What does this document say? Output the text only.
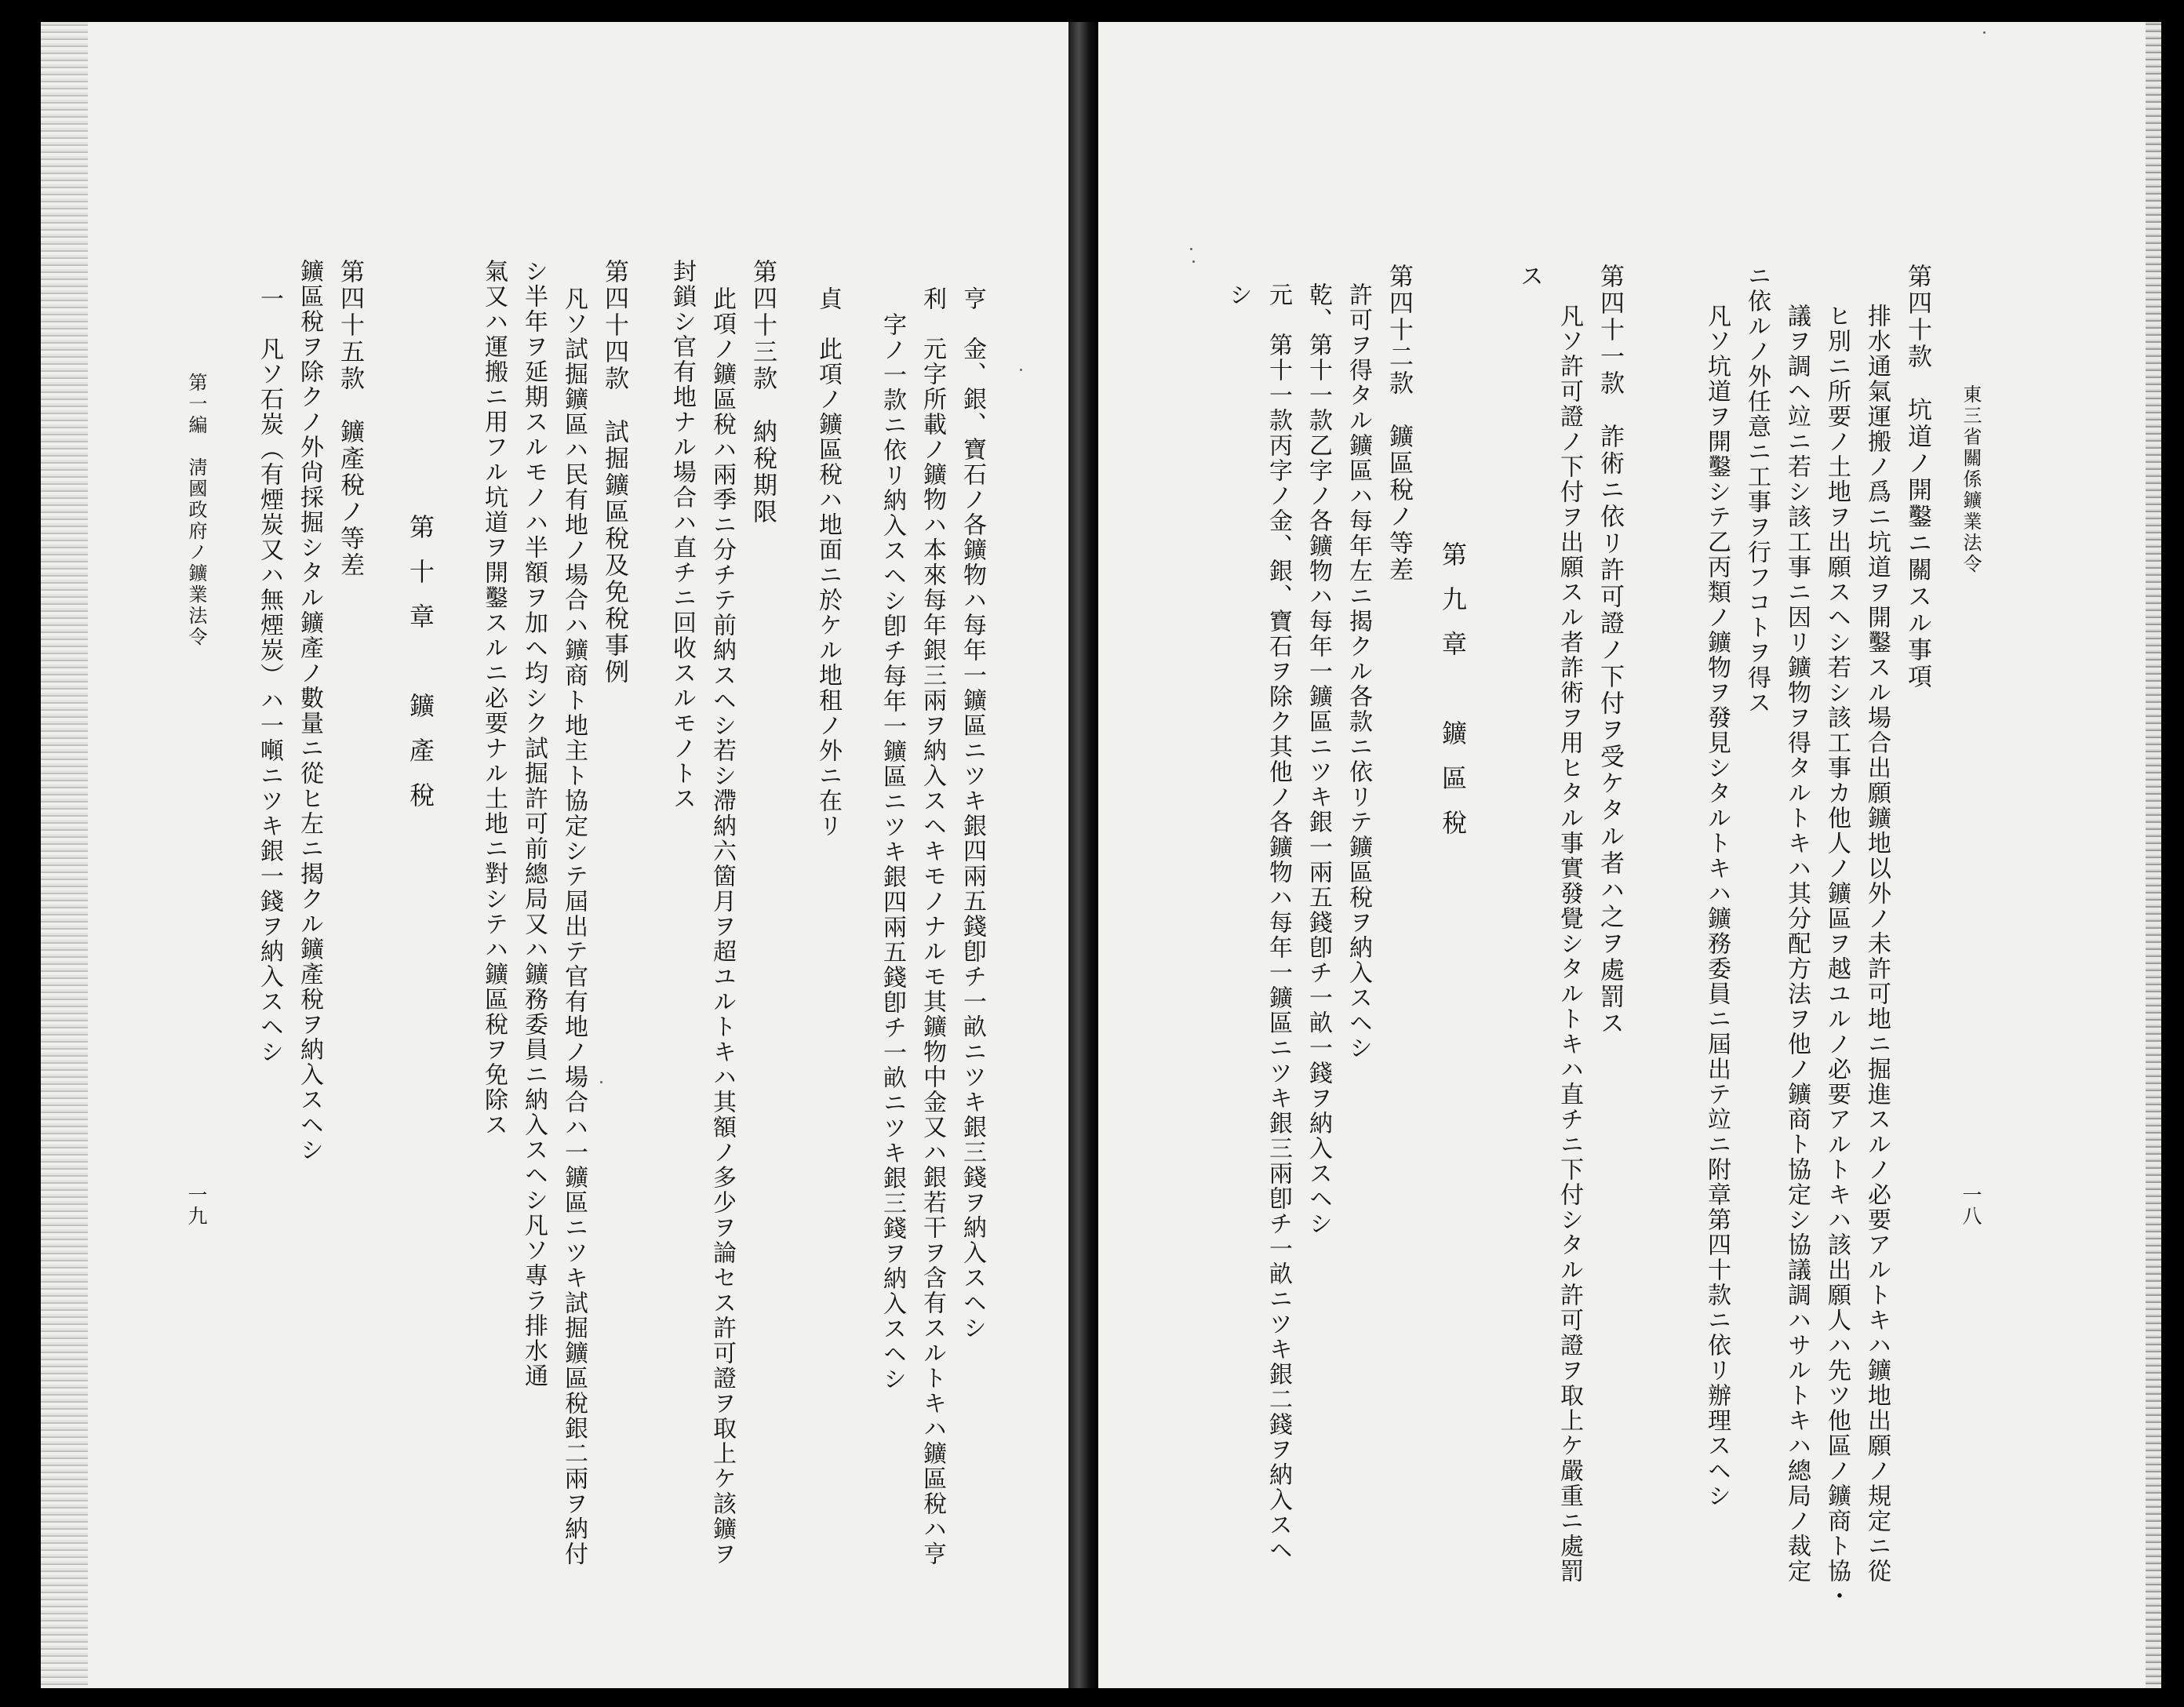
東三省關係鑛業法令
第四十款　坑道ノ開鑿ニ關スル事項
排水通氣運搬ノ爲ニ坑道ヲ開鑿スル場合出願鑛地以外ノ未許可地ニ掘進スルノ必要アルトキハ鑛地出願ノ規定ニ從
ヒ別ニ所要ノ土地ヲ出願スヘシ若シ該工事カ他人ノ鑛區ヲ越ユルノ必要アルトキハ該出願人ハ先ツ他區ノ鑛商ト協・
議ヲ調ヘ竝ニ若シ該工事ニ因リ鑛物ヲ得タルトキハ其分配方法ヲ他ノ鑛商ト協定シ協議調ハサルトキハ總局ノ裁定
ニ依ルノ外任意ニ工事ヲ行フコトヲ得ス
凡ソ坑道ヲ開鑿シテ乙丙類ノ鑛物ヲ發見シタルトキハ鑛務委員ニ屆出テ竝ニ附章第四十款ニ依リ辦理スヘシ
第四十一款　詐術ニ依リ許可證ノ下付ヲ受ケタル者ハ之ヲ處罰ス
凡ソ許可證ノ下付ヲ出願スル者詐術ヲ用ヒタル事實發覺シタルトキハ直チニ下付シタル許可證ヲ取上ケ嚴重ニ處罰
ス
第九章　鑛區稅
第四十二款　鑛區稅ノ等差
許可ヲ得タル鑛區ハ每年左ニ揭クル各款ニ依リテ鑛區稅ヲ納入スヘシ
乾、第十一款乙字ノ各鑛物ハ每年一鑛區ニツキ銀一兩五錢卽チ一畝一錢ヲ納入スヘシ
元　第十一款丙字ノ金、銀、寶石ヲ除ク其他ノ各鑛物ハ每年一鑛區ニツキ銀三兩卽チ一畝ニツキ銀二錢ヲ納入スヘ
シ
一八
亨　金、銀、寶石ノ各鑛物ハ每年一鑛區ニツキ銀四兩五錢卽チ一畝ニツキ銀三錢ヲ納入スヘシ
利　元字所載ノ鑛物ハ本來每年銀三兩ヲ納入スヘキモノナルモ其鑛物中金又ハ銀若干ヲ含有スルトキハ鑛區稅ハ亨
字ノ一款ニ依リ納入スヘシ卽チ每年一鑛區ニツキ銀四兩五錢卽チ一畝ニツキ銀三錢ヲ納入スヘシ
貞　此項ノ鑛區稅ハ地面ニ於ケル地租ノ外ニ在リ
第四十三款　納稅期限
此項ノ鑛區稅ハ兩季ニ分チテ前納スヘシ若シ滯納六箇月ヲ超ユルトキハ其額ノ多少ヲ論セス許可證ヲ取上ケ該鑛ヲ
封鎖シ官有地ナル場合ハ直チニ回收スルモノトス
第四十四款　試掘鑛區稅及免稅事例
凡ソ試掘鑛區ハ民有地ノ場合ハ鑛商ト地主ト協定シテ屆出テ官有地ノ場合ハ一鑛區ニツキ試掘鑛區稅銀二兩ヲ納付
シ半年ヲ延期スルモノハ半額ヲ加ヘ均シク試掘許可前總局又ハ鑛務委員ニ納入スヘシ凡ソ專ラ排水通
氣又ハ運搬ニ用フル坑道ヲ開鑿スルニ必要ナル土地ニ對シテハ鑛區稅ヲ免除ス
第十章　鑛產稅
第四十五款　鑛產稅ノ等差
鑛區稅ヲ除クノ外尙採掘シタル鑛產ノ數量ニ從ヒ左ニ揭クル鑛產稅ヲ納入スヘシ
一　凡ソ石炭（有煙炭又ハ無煙炭）ハ一噸ニツキ銀一錢ヲ納入スヘシ
第一編　淸國政府ノ鑛業法令
一九
